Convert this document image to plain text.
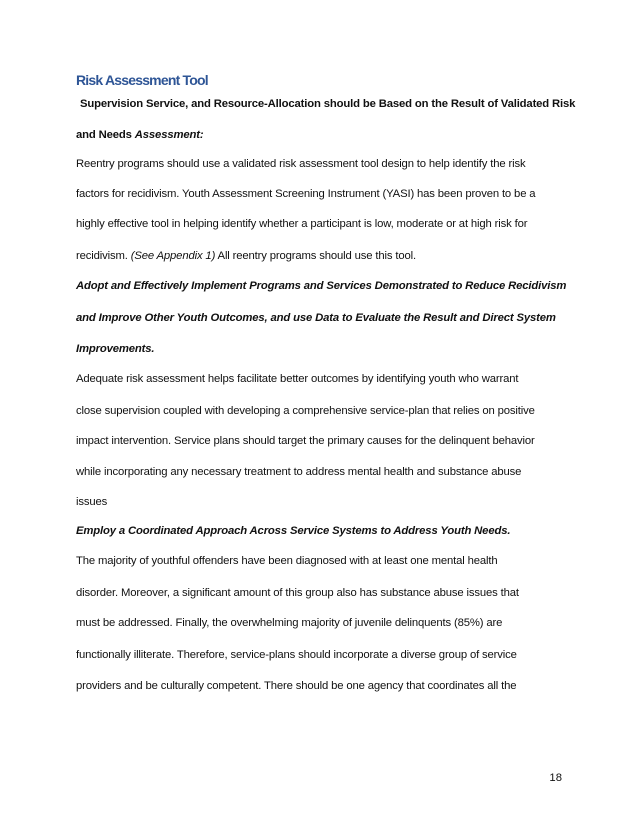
Risk Assessment Tool
Supervision Service, and Resource-Allocation should be Based on the Result of Validated Risk
and Needs Assessment:
Reentry programs should use a validated risk assessment tool design to help identify the risk
factors for recidivism. Youth Assessment Screening Instrument (YASI) has been proven to be a
highly effective tool in helping identify whether a participant is low, moderate or at high risk for
recidivism. (See Appendix 1) All reentry programs should use this tool.
Adopt and Effectively Implement Programs and Services Demonstrated to Reduce Recidivism
and Improve Other Youth Outcomes, and use Data to Evaluate the Result and Direct System
Improvements.
Adequate risk assessment helps facilitate better outcomes by identifying youth who warrant
close supervision coupled with developing a comprehensive service-plan that relies on positive
impact intervention. Service plans should target the primary causes for the delinquent behavior
while incorporating any necessary treatment to address mental health and substance abuse
issues
Employ a Coordinated Approach Across Service Systems to Address Youth Needs.
The majority of youthful offenders have been diagnosed with at least one mental health
disorder. Moreover, a significant amount of this group also has substance abuse issues that
must be addressed. Finally, the overwhelming majority of juvenile delinquents (85%) are
functionally illiterate. Therefore, service-plans should incorporate a diverse group of service
providers and be culturally competent. There should be one agency that coordinates all the
18
